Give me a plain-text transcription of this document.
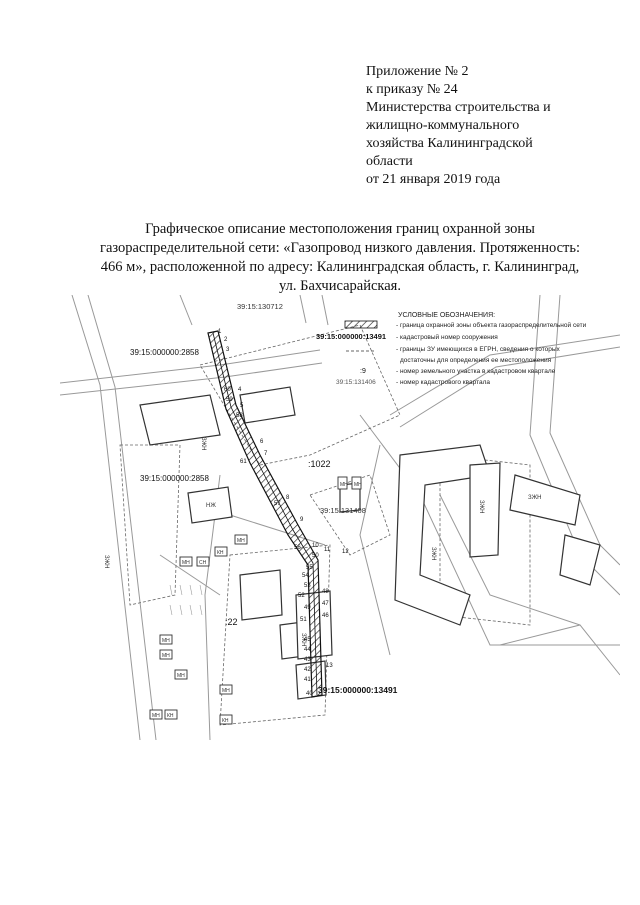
Приложение № 2
к приказу № 24
Министерства строительства и
жилищно-коммунального
хозяйства Калининградской
области
от 21 января 2019 года
Графическое описание местоположения границ охранной зоны
газораспределительной сети: «Газопровод низкого давления. Протяженность:
466 м», расположенной по адресу: Калининградская область, г. Калининград,
ул. Бахчисарайская.
39:15:130712
39:15:000000:2858
39:15:000000:2858
39:15:131408
:1022
:22
39:15:000000:13491
ЗЖН
ЗЖН
ЗЖН
ЗЖН
НЖ
ЗЖН
ЗЖН
МН МН
МН
КН
МН СН
МН
МН
МН
МН КН
МН
КН
1
2
3
4
5
6
7
8
9
10
11 12
13
40
41
42
43
44
45
46
47
48
49
50
51
52
53
54
55
56
57
58
59
60
61
УСЛОВНЫЕ ОБОЗНАЧЕНИЯ:
- граница охранной зоны объекта газораспределительной сети
39:15:000000:13491 - кадастровый номер сооружения
- границы ЗУ имеющихся в ЕГРН, сведения о которых
достаточны для определения ее местоположения
:9	- номер земельного участка в кадастровом квартале
39:15:131406	- номер кадастрового квартала
